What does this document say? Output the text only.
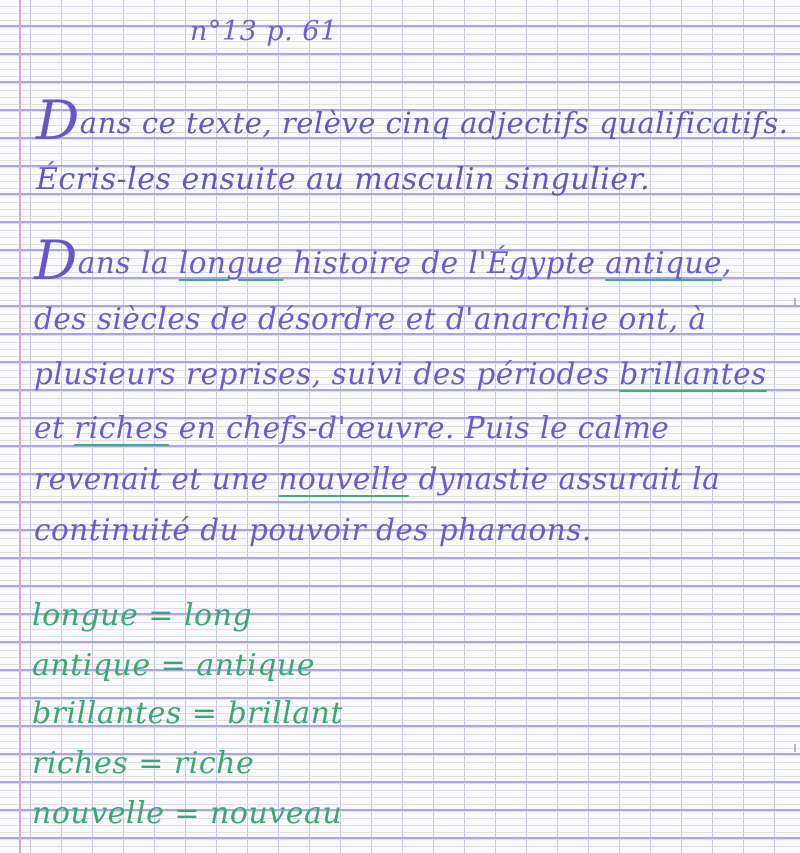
n°13 p. 61
Dans ce texte, relève cinq adjectifs qualificatifs.
Écris-les ensuite au masculin singulier.
Dans la longue histoire de l'Égypte antique,
des siècles de désordre et d'anarchie ont, à
plusieurs reprises, suivi des périodes brillantes
et riches en chefs-d'œuvre. Puis le calme
revenait et une nouvelle dynastie assurait la
continuité du pouvoir des pharaons.
longue = long
antique = antique
brillantes = brillant
riches = riche
nouvelle = nouveau
